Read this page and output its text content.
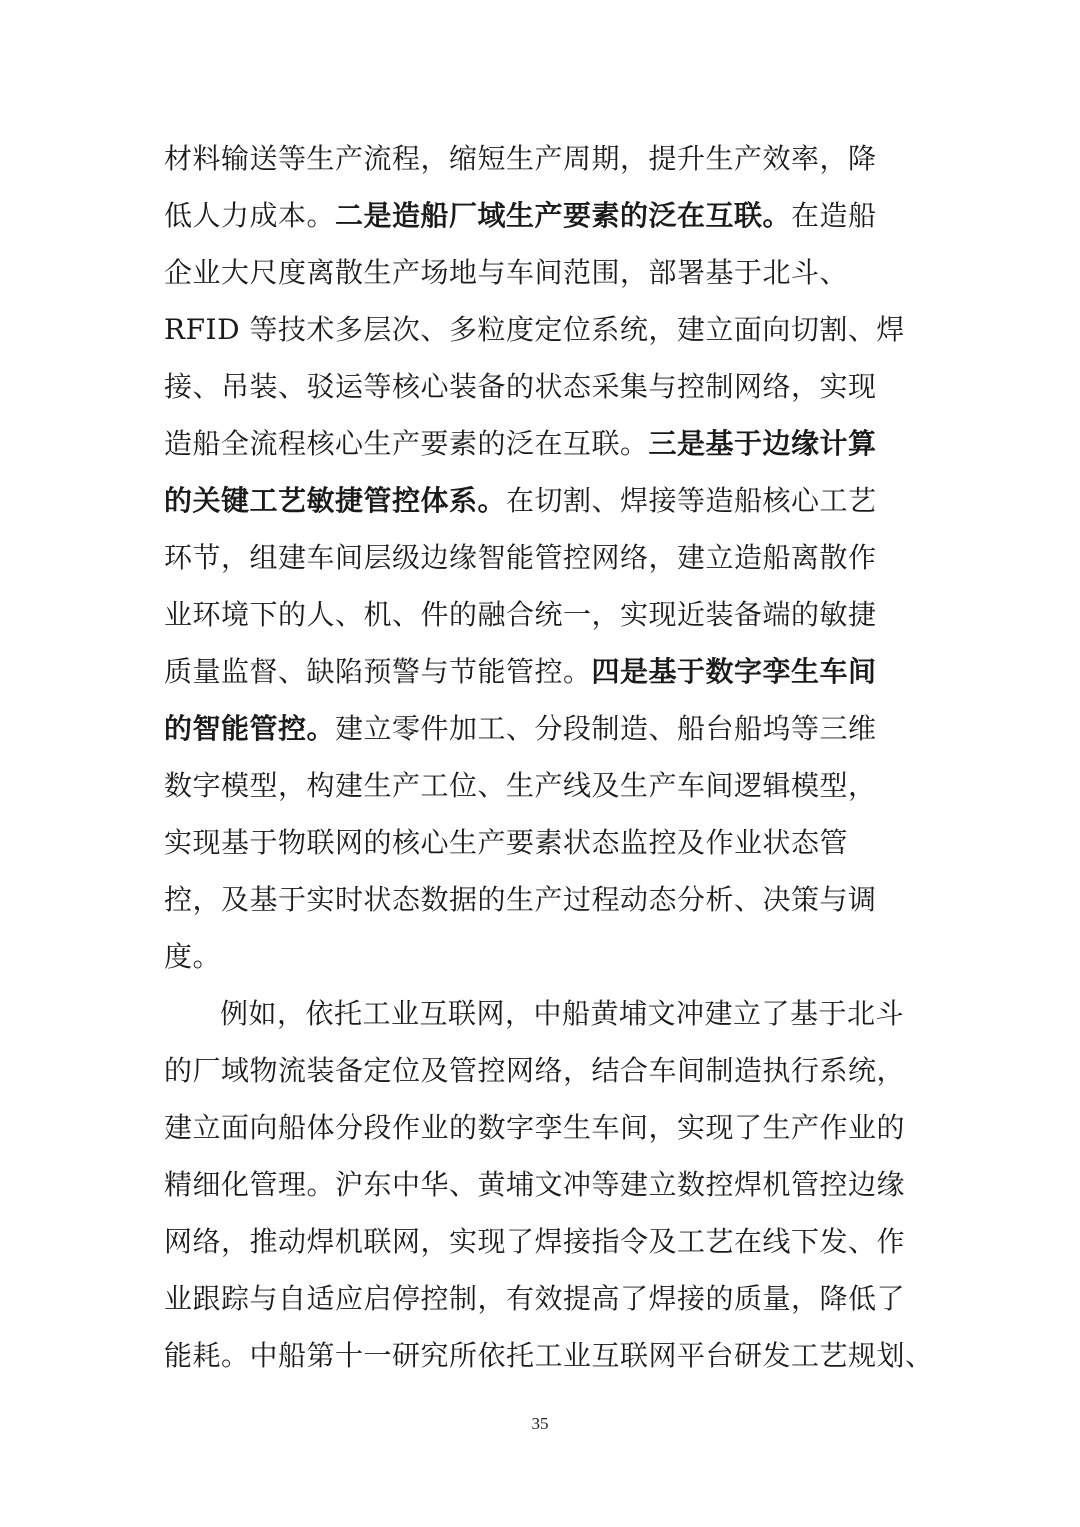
材料输送等生产流程，缩短生产周期，提升生产效率，降
低人力成本。二是造船厂域生产要素的泛在互联。在造船
企业大尺度离散生产场地与车间范围，部署基于北斗、
RFID 等技术多层次、多粒度定位系统，建立面向切割、焊
接、吊装、驳运等核心装备的状态采集与控制网络，实现
造船全流程核心生产要素的泛在互联。三是基于边缘计算
的关键工艺敏捷管控体系。在切割、焊接等造船核心工艺
环节，组建车间层级边缘智能管控网络，建立造船离散作
业环境下的人、机、件的融合统一，实现近装备端的敏捷
质量监督、缺陷预警与节能管控。四是基于数字孪生车间
的智能管控。建立零件加工、分段制造、船台船坞等三维
数字模型，构建生产工位、生产线及生产车间逻辑模型，
实现基于物联网的核心生产要素状态监控及作业状态管
控，及基于实时状态数据的生产过程动态分析、决策与调
度。
例如，依托工业互联网，中船黄埔文冲建立了基于北斗
的厂域物流装备定位及管控网络，结合车间制造执行系统，
建立面向船体分段作业的数字孪生车间，实现了生产作业的
精细化管理。沪东中华、黄埔文冲等建立数控焊机管控边缘
网络，推动焊机联网，实现了焊接指令及工艺在线下发、作
业跟踪与自适应启停控制，有效提高了焊接的质量，降低了
能耗。中船第十一研究所依托工业互联网平台研发工艺规划、
35
